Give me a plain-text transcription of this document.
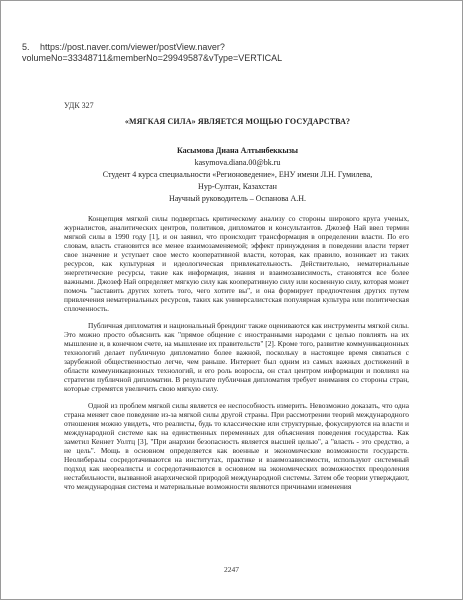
5. https://post.naver.com/viewer/postView.naver?volumeNo=33348711&memberNo=29949587&vType=VERTICAL
УДК 327
«МЯГКАЯ СИЛА» ЯВЛЯЕТСЯ МОЩЬЮ ГОСУДАРСТВА?
Касымова Диана Алтынбеккызы
kasymova.diana.00@bk.ru
Студент 4 курса специальности «Регионоведение», ЕНУ имени Л.Н. Гумилева,
Нур-Султан, Казахстан
Научный руководитель – Оспанова А.Н.

Концепция мягкой силы подверглась критическому анализу со стороны широкого круга ученых, журналистов, аналитических центров, политиков, дипломатов и консультантов. Джозеф Най ввел термин мягкой силы в 1990 году [1], и он заявил, что происходит трансформация в определении власти. По его словам, власть становится все менее взаимозаменяемой; эффект принуждения в поведении власти теряет свое значение и уступает свое место кооперативной власти, которая, как правило, возникает из таких ресурсов, как культурная и идеологическая привлекательность. Действительно, нематериальные энергетические ресурсы, такие как информация, знания и взаимозависимость, становятся все более важными. Джозеф Най определяет мягкую силу как кооперативную силу или косвенную силу, которая может помочь "заставить других хотеть того, чего хотите вы", и она формирует предпочтения других путем привлечения нематериальных ресурсов, таких как универсалистская популярная культура или политическая сплоченность.

Публичная дипломатия и национальный брендинг также оцениваются как инструменты мягкой силы. Это можно просто объяснить как "прямое общение с иностранными народами с целью повлиять на их мышление и, в конечном счете, на мышление их правительств" [2]. Кроме того, развитие коммуникационных технологий делает публичную дипломатию более важной, поскольку в настоящее время связаться с зарубежной общественностью легче, чем раньше. Интернет был одним из самых важных достижений в области коммуникационных технологий, и его роль возросла, он стал центром информации и повлиял на стратегии публичной дипломатии. В результате публичная дипломатия требует внимания со стороны стран, которые стремятся увеличить свою мягкую силу.

Одной из проблем мягкой силы является ее неспособность измерить. Невозможно доказать, что одна страна меняет свое поведение из-за мягкой силы другой страны. При рассмотрении теорий международного отношения можно увидеть, что реалисты, будь то классические или структурные, фокусируются на власти и международной системе как на единственных переменных для объяснения поведения государства. Как заметил Кеннет Уолтц [3], "При анархии безопасность является высшей целью", а "власть - это средство, а не цель". Мощь в основном определяется как военные и экономические возможности государств. Неолибералы сосредотачиваются на институтах, практике и взаимозависимости, используют системный подход как неореалисты и сосредотачиваются в основном на экономических возможностях преодоления нестабильности, вызванной анархической природой международной системы. Затем обе теории утверждают, что международная система и материальные возможности являются причинами изменения

2247
